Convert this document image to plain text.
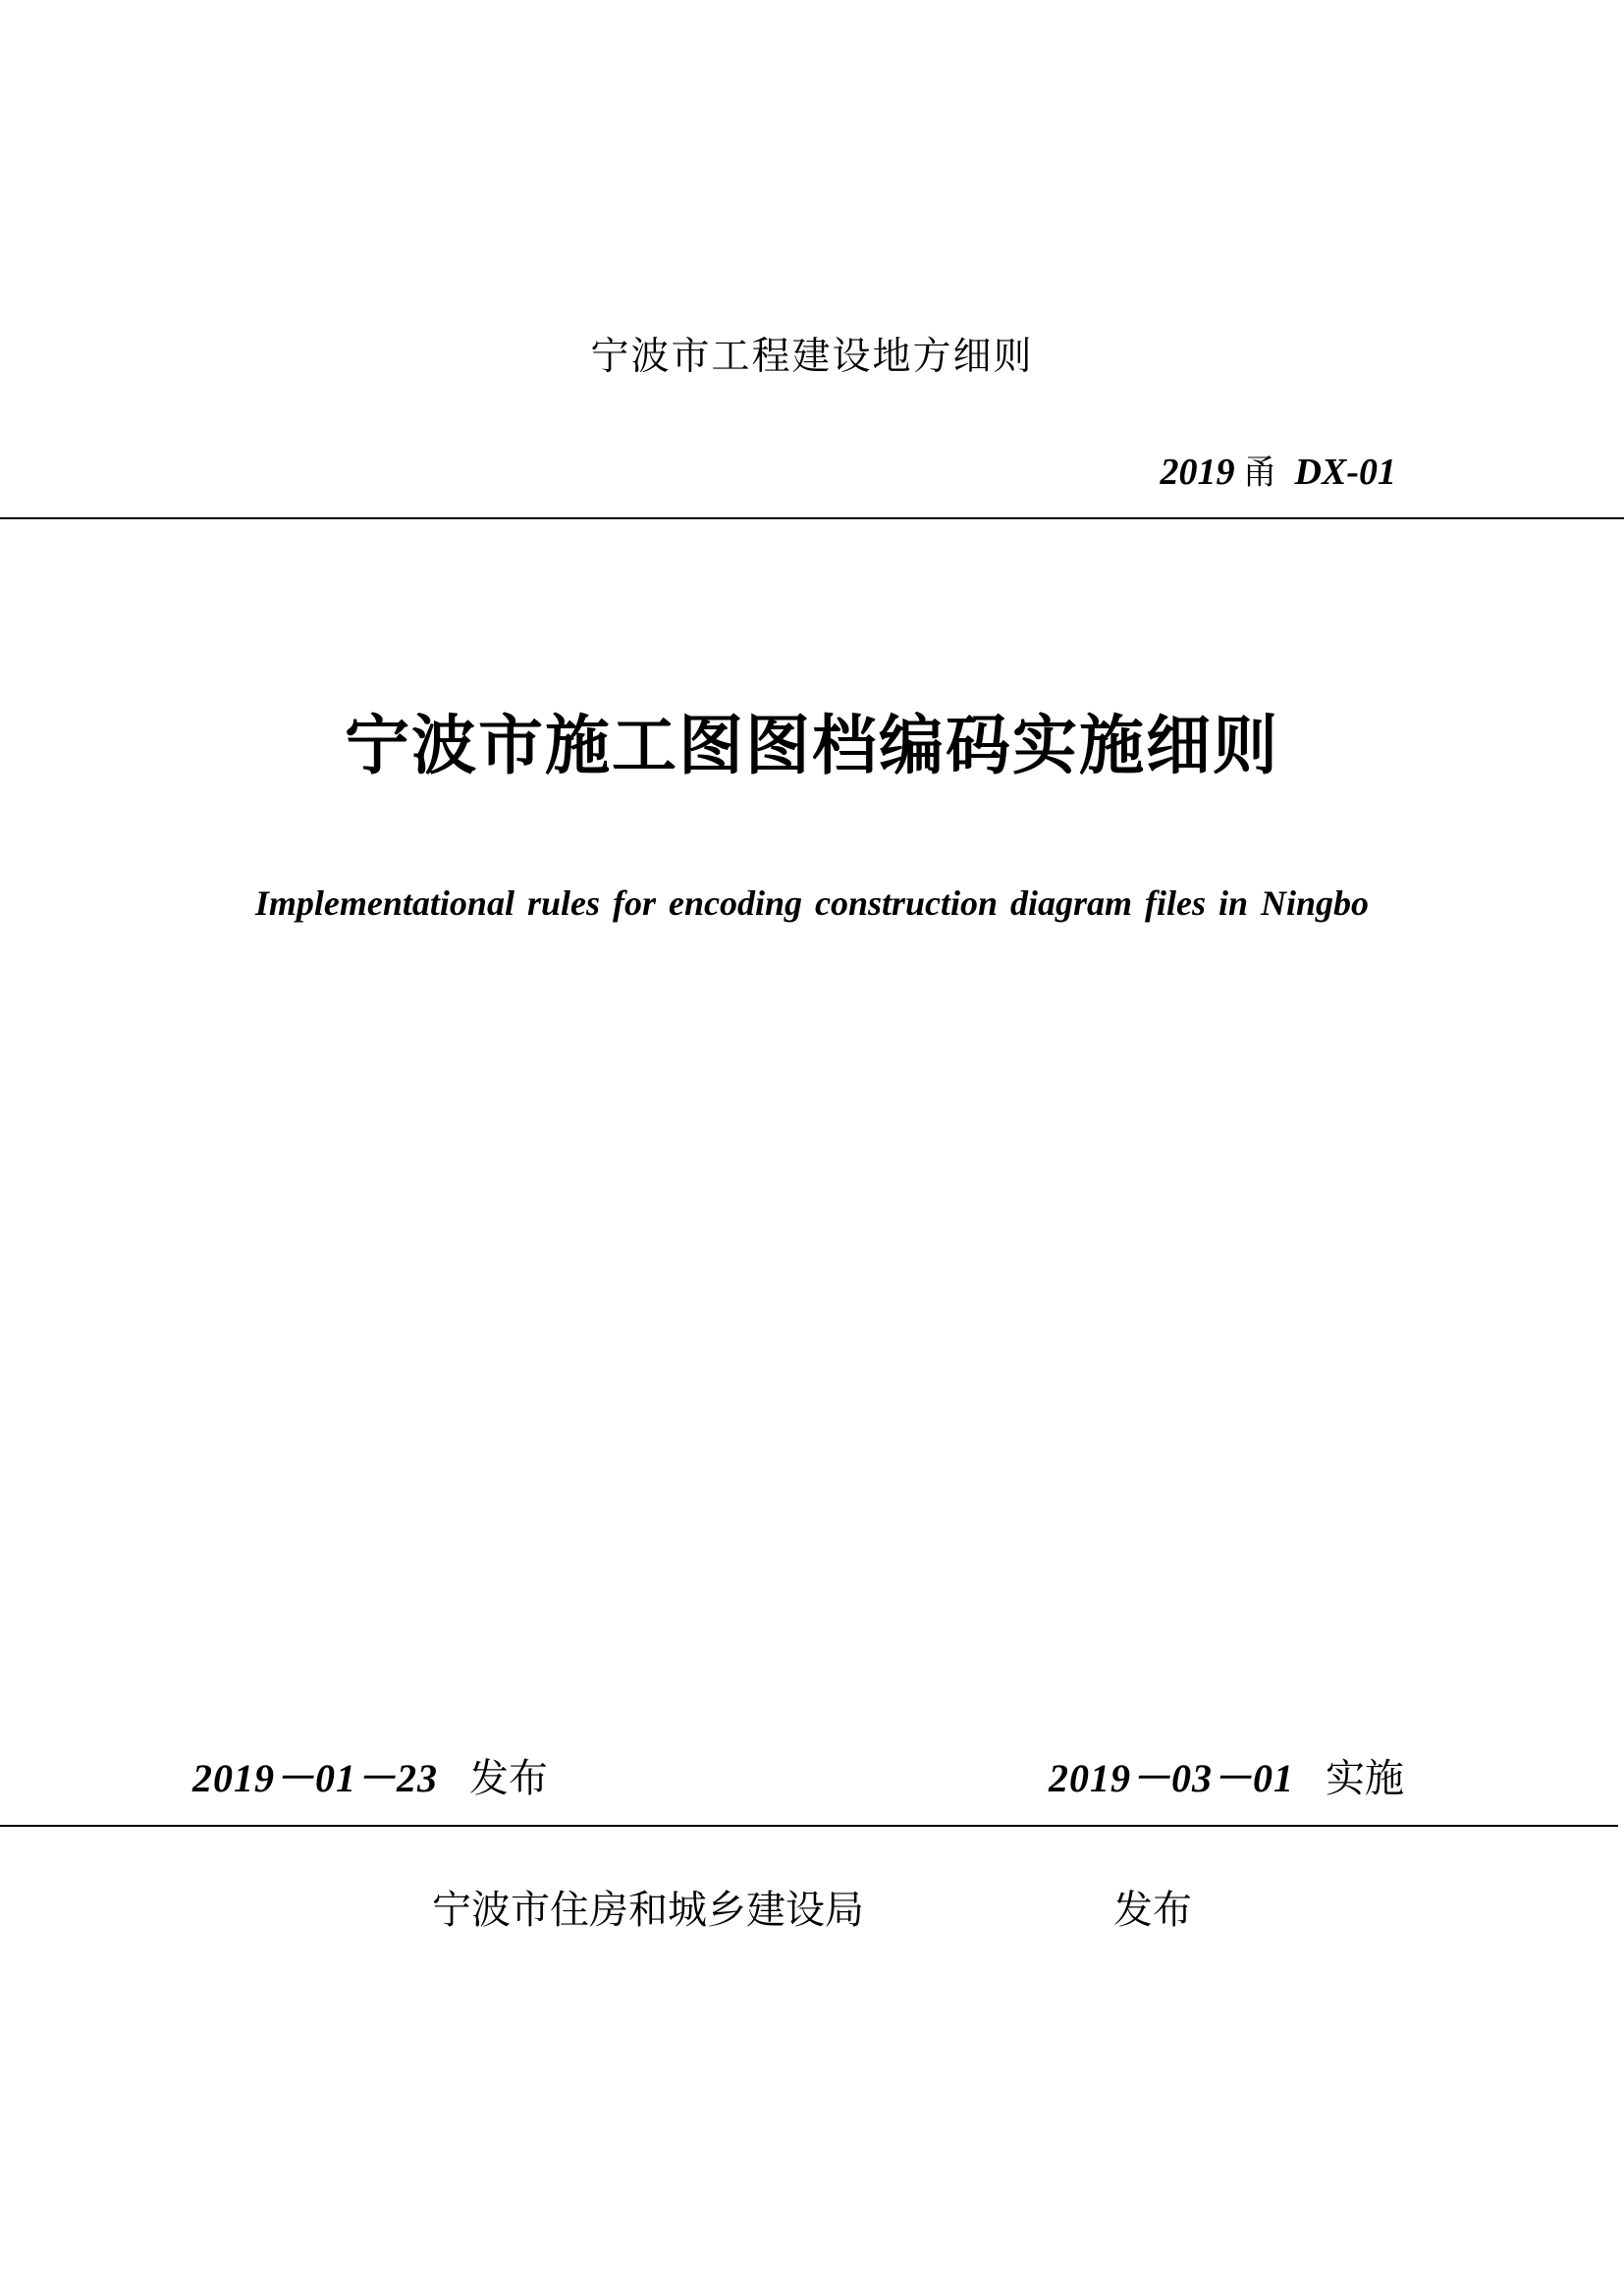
宁波市工程建设地方细则
2019 甬 DX-01
宁波市施工图图档编码实施细则
Implementational rules for encoding construction diagram files in Ningbo
2019－01－23 发布	2019－03－01 实施
宁波市住房和城乡建设局	发布
